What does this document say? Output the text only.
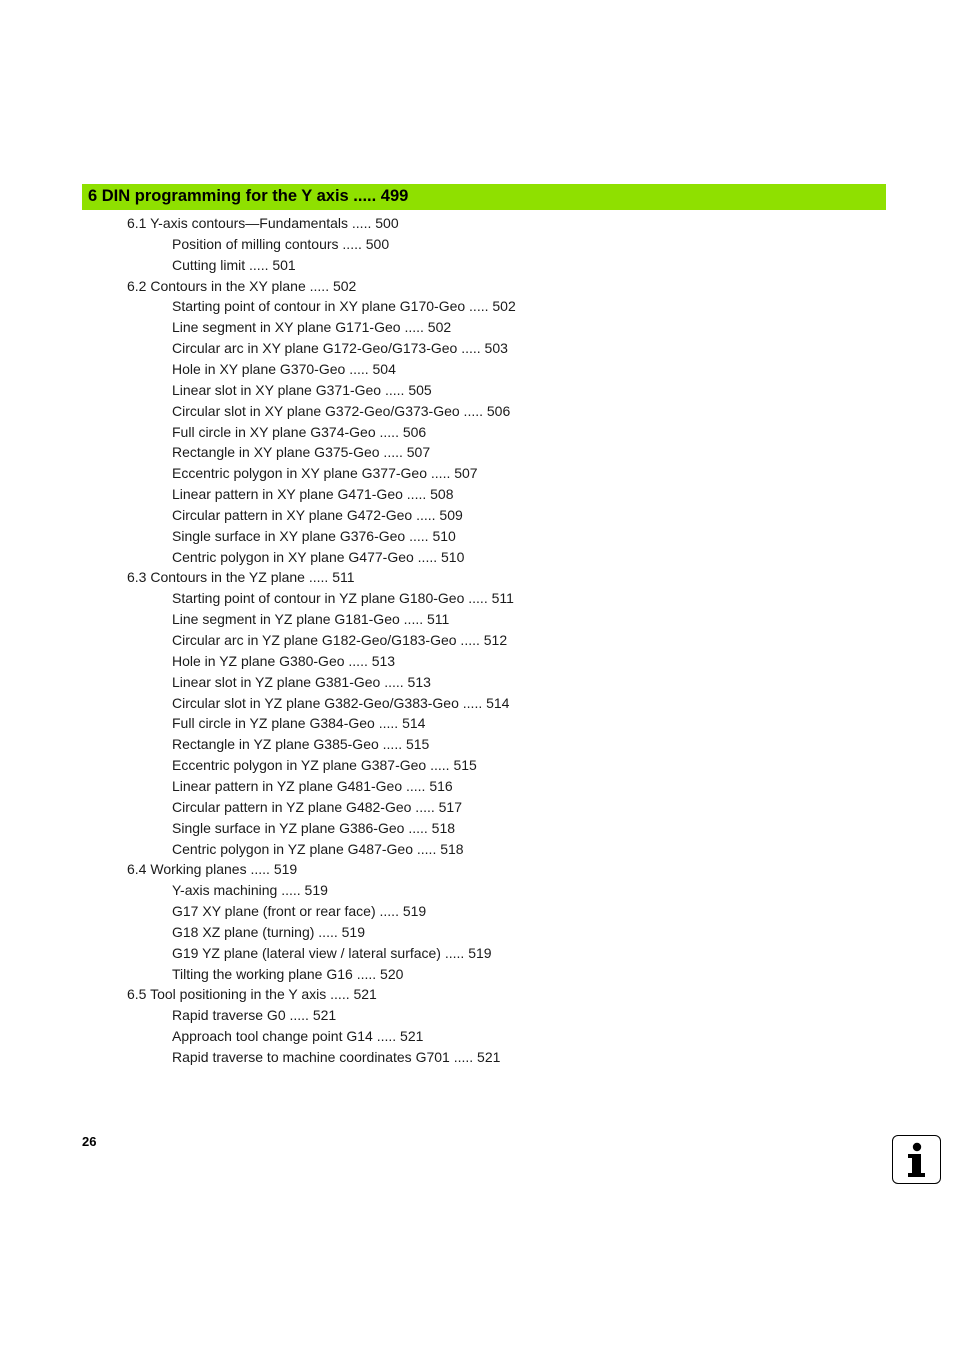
6 DIN programming for the Y axis ..... 499
6.1 Y-axis contours—Fundamentals ..... 500
Position of milling contours ..... 500
Cutting limit ..... 501
6.2 Contours in the XY plane ..... 502
Starting point of contour in XY plane G170-Geo ..... 502
Line segment in XY plane G171-Geo ..... 502
Circular arc in XY plane G172-Geo/G173-Geo ..... 503
Hole in XY plane G370-Geo ..... 504
Linear slot in XY plane G371-Geo ..... 505
Circular slot in XY plane G372-Geo/G373-Geo ..... 506
Full circle in XY plane G374-Geo ..... 506
Rectangle in XY plane G375-Geo ..... 507
Eccentric polygon in XY plane G377-Geo ..... 507
Linear pattern in XY plane G471-Geo ..... 508
Circular pattern in XY plane G472-Geo ..... 509
Single surface in XY plane G376-Geo ..... 510
Centric polygon in XY plane G477-Geo ..... 510
6.3 Contours in the YZ plane ..... 511
Starting point of contour in YZ plane G180-Geo ..... 511
Line segment in YZ plane G181-Geo ..... 511
Circular arc in YZ plane G182-Geo/G183-Geo ..... 512
Hole in YZ plane G380-Geo ..... 513
Linear slot in YZ plane G381-Geo ..... 513
Circular slot in YZ plane G382-Geo/G383-Geo ..... 514
Full circle in YZ plane G384-Geo ..... 514
Rectangle in YZ plane G385-Geo ..... 515
Eccentric polygon in YZ plane G387-Geo ..... 515
Linear pattern in YZ plane G481-Geo ..... 516
Circular pattern in YZ plane G482-Geo ..... 517
Single surface in YZ plane G386-Geo ..... 518
Centric polygon in YZ plane G487-Geo ..... 518
6.4 Working planes ..... 519
Y-axis machining ..... 519
G17 XY plane (front or rear face) ..... 519
G18 XZ plane (turning) ..... 519
G19 YZ plane (lateral view / lateral surface) ..... 519
Tilting the working plane G16 ..... 520
6.5 Tool positioning in the Y axis ..... 521
Rapid traverse G0 ..... 521
Approach tool change point G14 ..... 521
Rapid traverse to machine coordinates G701 ..... 521
26
